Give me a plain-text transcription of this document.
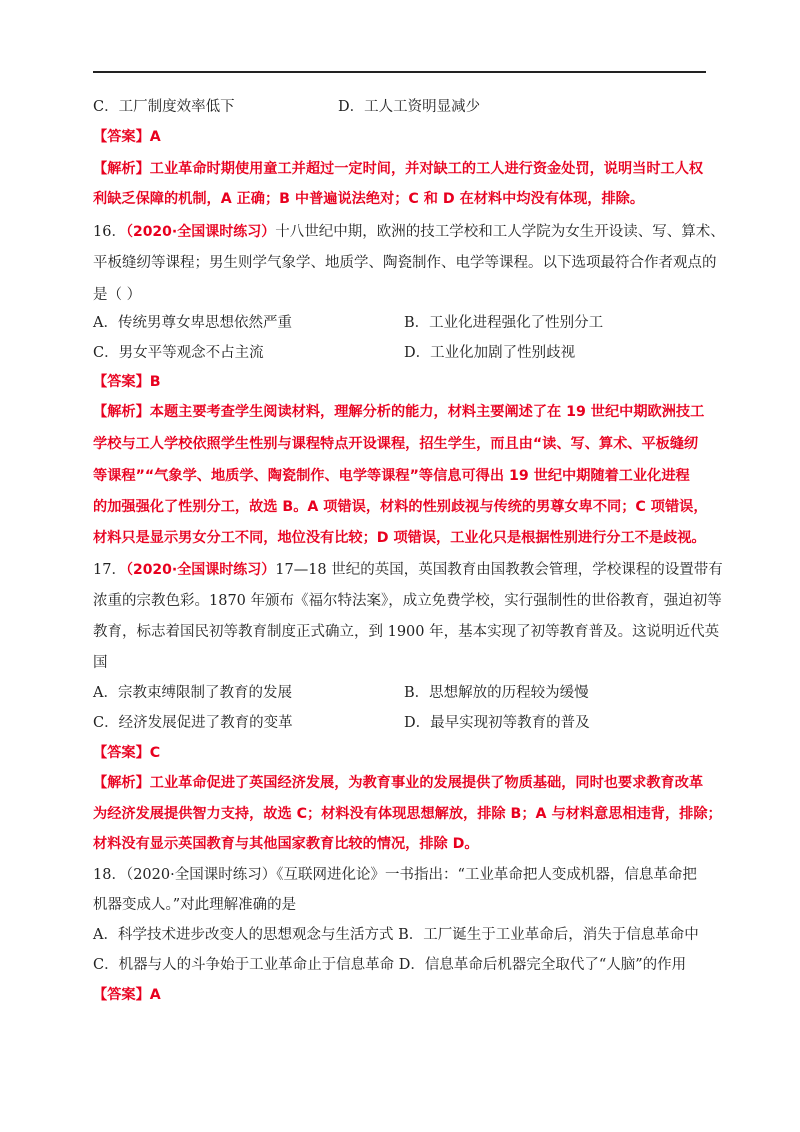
C．工厂制度效率低下	D．工人工资明显减少
【答案】A
【解析】工业革命时期使用童工并超过一定时间，并对缺工的工人进行资金处罚，说明当时工人权
利缺乏保障的机制，A 正确；B 中普遍说法绝对；C 和 D 在材料中均没有体现，排除。
16．（2020·全国课时练习）十八世纪中期，欧洲的技工学校和工人学院为女生开设读、写、算术、
平板缝纫等课程；男生则学气象学、地质学、陶瓷制作、电学等课程。以下选项最符合作者观点的
是（ ）
A．传统男尊女卑思想依然严重	B．工业化进程强化了性别分工
C．男女平等观念不占主流	D．工业化加剧了性别歧视
【答案】B
【解析】本题主要考查学生阅读材料，理解分析的能力，材料主要阐述了在 19 世纪中期欧洲技工
学校与工人学校依照学生性别与课程特点开设课程，招生学生，而且由“读、写、算术、平板缝纫
等课程”“气象学、地质学、陶瓷制作、电学等课程”等信息可得出 19 世纪中期随着工业化进程
的加强强化了性别分工，故选 B。A 项错误，材料的性别歧视与传统的男尊女卑不同；C 项错误，
材料只是显示男女分工不同，地位没有比较；D 项错误，工业化只是根据性别进行分工不是歧视。
17．（2020·全国课时练习）17—18 世纪的英国，英国教育由国教教会管理，学校课程的设置带有
浓重的宗教色彩。1870 年颁布《福尔特法案》，成立免费学校，实行强制性的世俗教育，强迫初等
教育，标志着国民初等教育制度正式确立，到 1900 年，基本实现了初等教育普及。这说明近代英
国
A．宗教束缚限制了教育的发展	B．思想解放的历程较为缓慢
C．经济发展促进了教育的变革	D．最早实现初等教育的普及
【答案】C
【解析】工业革命促进了英国经济发展，为教育事业的发展提供了物质基础，同时也要求教育改革
为经济发展提供智力支持，故选 C；材料没有体现思想解放，排除 B；A 与材料意思相违背，排除；
材料没有显示英国教育与其他国家教育比较的情况，排除 D。
18．（2020·全国课时练习）《互联网进化论》一书指出：“工业革命把人变成机器，信息革命把
机器变成人。”对此理解准确的是
A．科学技术进步改变人的思想观念与生活方式 B．工厂诞生于工业革命后，消失于信息革命中
C．机器与人的斗争始于工业革命止于信息革命 D．信息革命后机器完全取代了“人脑”的作用
【答案】A
